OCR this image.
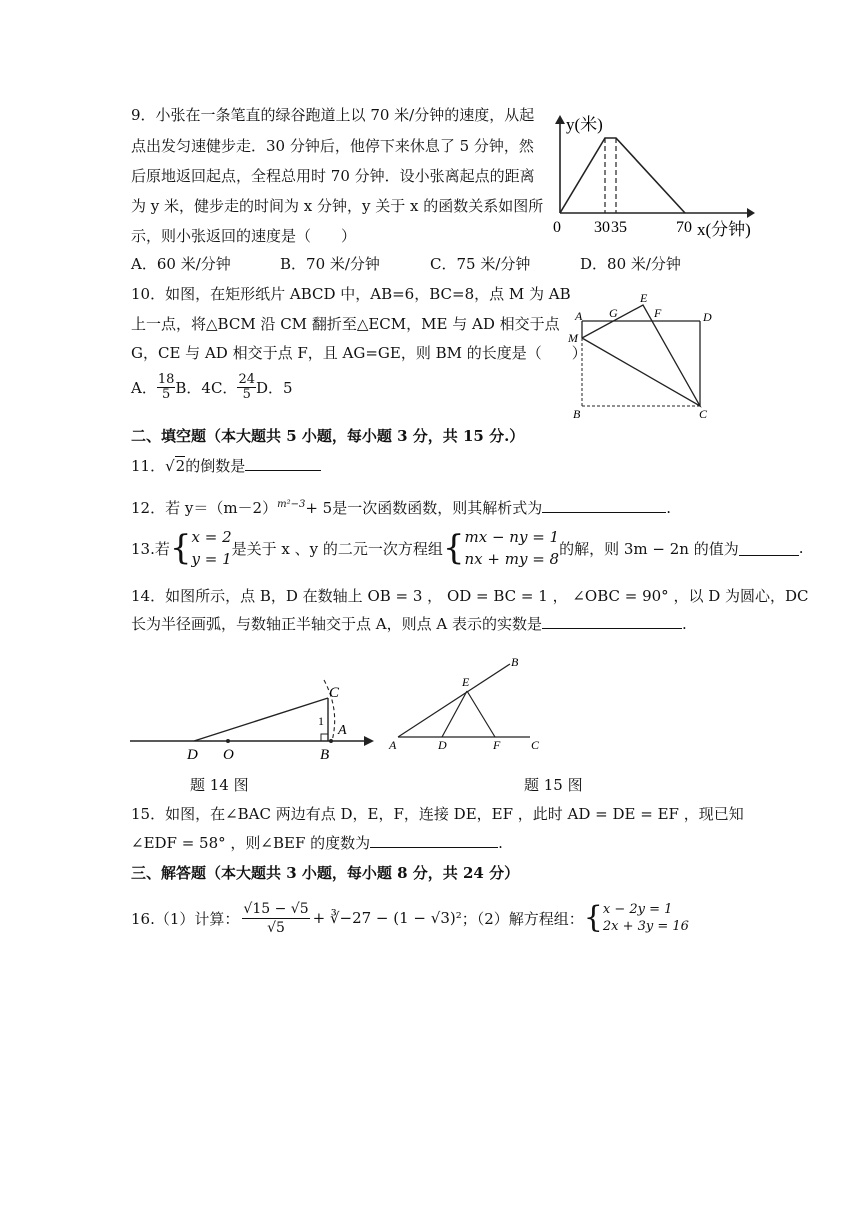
9．小张在一条笔直的绿谷跑道上以 70 米/分钟的速度，从起
点出发匀速健步走．30 分钟后，他停下来休息了 5 分钟，然
后原地返回起点，全程总用时 70 分钟．设小张离起点的距离
为 y 米，健步走的时间为 x 分钟，y 关于 x 的函数关系如图所
示，则小张返回的速度是（　　）
A．60 米/分钟	B．70 米/分钟	C．75 米/分钟	D．80 米/分钟
y(米)
0 30 35	70 x(分钟)
10．如图，在矩形纸片 ABCD 中，AB=6，BC=8，点 M 为 AB
上一点，将△BCM 沿 CM 翻折至△ECM，ME 与 AD 相交于点
G，CE 与 AD 相交于点 F，且 AG=GE，则 BM 的长度是（　　）
A． $\frac{18}{5}$ B．4C． $\frac{24}{5}$ D．5
A G
E
F	D
M
B	C
二、填空题（本大题共 5 小题，每小题 3 分，共 15 分.）
11．√2的倒数是
12．若 $y=(m-2)^{m^2-3}+ 5$是一次函数函数，则其解析式为	.
13.若 { x = 2
y = 1
是关于 x 、y 的二元一次方程组 { mx − ny = 1
nx + my = 8
的解，则 3m − 2n 的值为	.
14．如图所示，点 B，D 在数轴上 OB = 3 ， OD = BC = 1 ， ∠OBC = 90° ，以 D 为圆心，DC
长为半径画弧，与数轴正半轴交于点 A，则点 A 表示的实数是	.
C
1
A
D O	B
B
E
A	D	F	C
题 14 图	题 15 图
15．如图，在∠BAC 两边有点 D，E，F，连接 DE，EF ，此时 AD = DE = EF ，现已知
∠EDF = 58° ，则∠BEF 的度数为	.
三、解答题（本大题共 3 小题，每小题 8 分，共 24 分）
16.（1）计算： $\frac{√15 - √5}{√5}$ + ∛−27 − (1 − √3)² ；（2）解方程组： { x − 2y = 1
2x + 3y = 16
